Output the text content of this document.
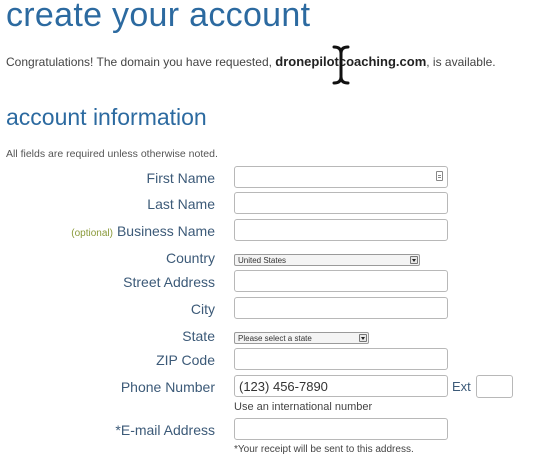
create your account
Congratulations! The domain you have requested, dronepilotcoaching.com, is available.
account information
All fields are required unless otherwise noted.
First Name
Last Name
(optional) Business Name
Country	United States
Street Address
City
State	Please select a state
ZIP Code
Phone Number	(123) 456-7890	Ext
Use an international number
*E-mail Address
*Your receipt will be sent to this address.
